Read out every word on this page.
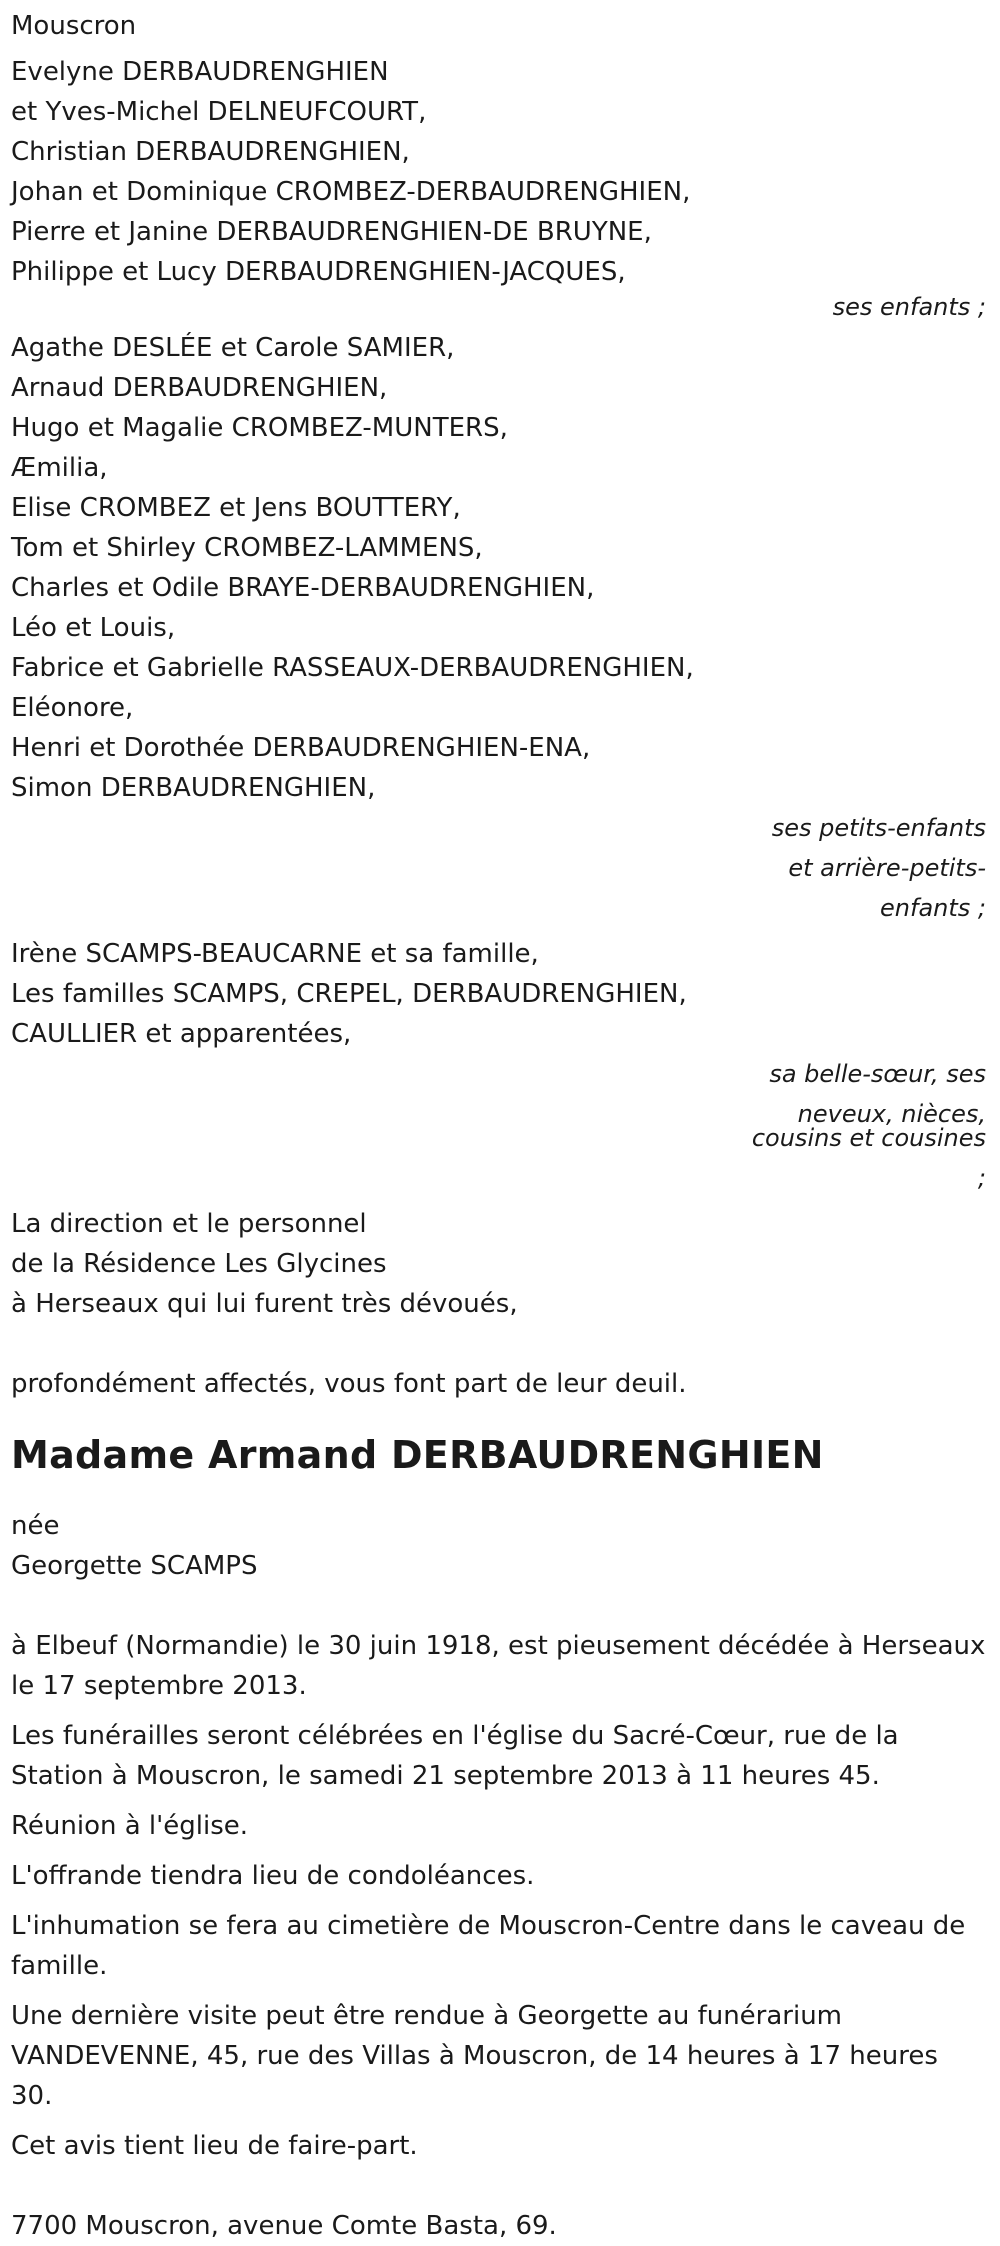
Mouscron
Evelyne DERBAUDRENGHIEN
et Yves-Michel DELNEUFCOURT,
Christian DERBAUDRENGHIEN,
Johan et Dominique CROMBEZ-DERBAUDRENGHIEN,
Pierre et Janine DERBAUDRENGHIEN-DE BRUYNE,
Philippe et Lucy DERBAUDRENGHIEN-JACQUES,
ses enfants ;
Agathe DESLÉE et Carole SAMIER,
Arnaud DERBAUDRENGHIEN,
Hugo et Magalie CROMBEZ-MUNTERS,
Æmilia,
Elise CROMBEZ et Jens BOUTTERY,
Tom et Shirley CROMBEZ-LAMMENS,
Charles et Odile BRAYE-DERBAUDRENGHIEN,
Léo et Louis,
Fabrice et Gabrielle RASSEAUX-DERBAUDRENGHIEN,
Eléonore,
Henri et Dorothée DERBAUDRENGHIEN-ENA,
Simon DERBAUDRENGHIEN,
ses petits-enfants
et arrière-petits-
enfants ;
Irène SCAMPS-BEAUCARNE et sa famille,
Les familles SCAMPS, CREPEL, DERBAUDRENGHIEN,
CAULLIER et apparentées,
sa belle-sœur, ses
neveux, nièces,
cousins et cousines
;
La direction et le personnel
de la Résidence Les Glycines
à Herseaux qui lui furent très dévoués,
profondément affectés, vous font part de leur deuil.
Madame Armand DERBAUDRENGHIEN
née
Georgette SCAMPS
à Elbeuf (Normandie) le 30 juin 1918, est pieusement décédée à Herseaux le 17 septembre 2013.
Les funérailles seront célébrées en l'église du Sacré-Cœur, rue de la Station à Mouscron, le samedi 21 septembre 2013 à 11 heures 45.
Réunion à l'église.
L'offrande tiendra lieu de condoléances.
L'inhumation se fera au cimetière de Mouscron-Centre dans le caveau de famille.
Une dernière visite peut être rendue à Georgette au funérarium VANDEVENNE, 45, rue des Villas à Mouscron, de 14 heures à 17 heures 30.
Cet avis tient lieu de faire-part.
7700 Mouscron, avenue Comte Basta, 69.
